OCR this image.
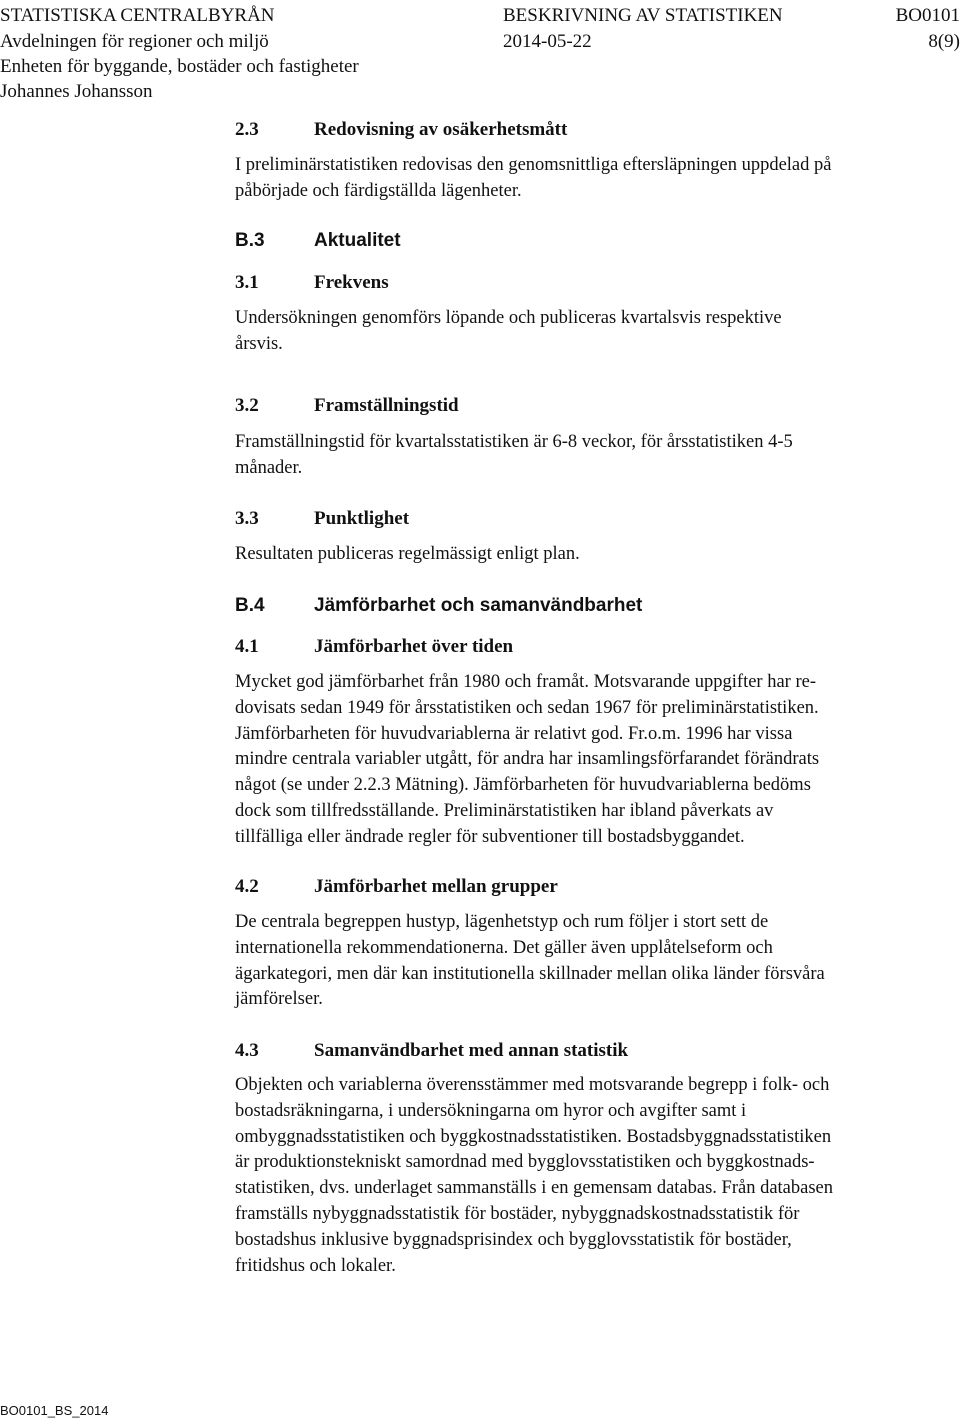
STATISTISKA CENTRALBYRÅN	BESKRIVNING AV STATISTIKEN	BO0101
Avdelningen för regioner och miljö	2014-05-22	8(9)
Enheten för byggande, bostäder och fastigheter
Johannes Johansson
2.3	Redovisning av osäkerhetsmått
I preliminärstatistiken redovisas den genomsnittliga eftersläpningen uppdelad på
påbörjade och färdigställda lägenheter.
B.3	Aktualitet
3.1	Frekvens
Undersökningen genomförs löpande och publiceras kvartalsvis respektive
årsvis.
3.2	Framställningstid
Framställningstid för kvartalsstatistiken är 6-8 veckor, för årsstatistiken 4-5
månader.
3.3	Punktlighet
Resultaten publiceras regelmässigt enligt plan.
B.4	Jämförbarhet och samanvändbarhet
4.1	Jämförbarhet över tiden
Mycket god jämförbarhet från 1980 och framåt. Motsvarande uppgifter har re-
dovisats sedan 1949 för årsstatistiken och sedan 1967 för preliminärstatistiken.
Jämförbarheten för huvudvariablerna är relativt god. Fr.o.m. 1996 har vissa
mindre centrala variabler utgått, för andra har insamlingsförfarandet förändrats
något (se under 2.2.3 Mätning). Jämförbarheten för huvudvariablerna bedöms
dock som tillfredsställande. Preliminärstatistiken har ibland påverkats av
tillfälliga eller ändrade regler för subventioner till bostadsbyggandet.
4.2	Jämförbarhet mellan grupper
De centrala begreppen hustyp, lägenhetstyp och rum följer i stort sett de
internationella rekommendationerna. Det gäller även upplåtelseform och
ägarkategori, men där kan institutionella skillnader mellan olika länder försvåra
jämförelser.
4.3	Samanvändbarhet med annan statistik
Objekten och variablerna överensstämmer med motsvarande begrepp i folk- och
bostadsräkningarna, i undersökningarna om hyror och avgifter samt i
ombyggnadsstatistiken och byggkostnadsstatistiken. Bostadsbyggnadsstatistiken
är produktionstekniskt samordnad med bygglovsstatistiken och byggkostnads-
statistiken, dvs. underlaget sammanställs i en gemensam databas. Från databasen
framställs nybyggnadsstatistik för bostäder, nybyggnadskostnadsstatistik för
bostadshus inklusive byggnadsprisindex och bygglovsstatistik för bostäder,
fritidshus och lokaler.
BO0101_BS_2014
